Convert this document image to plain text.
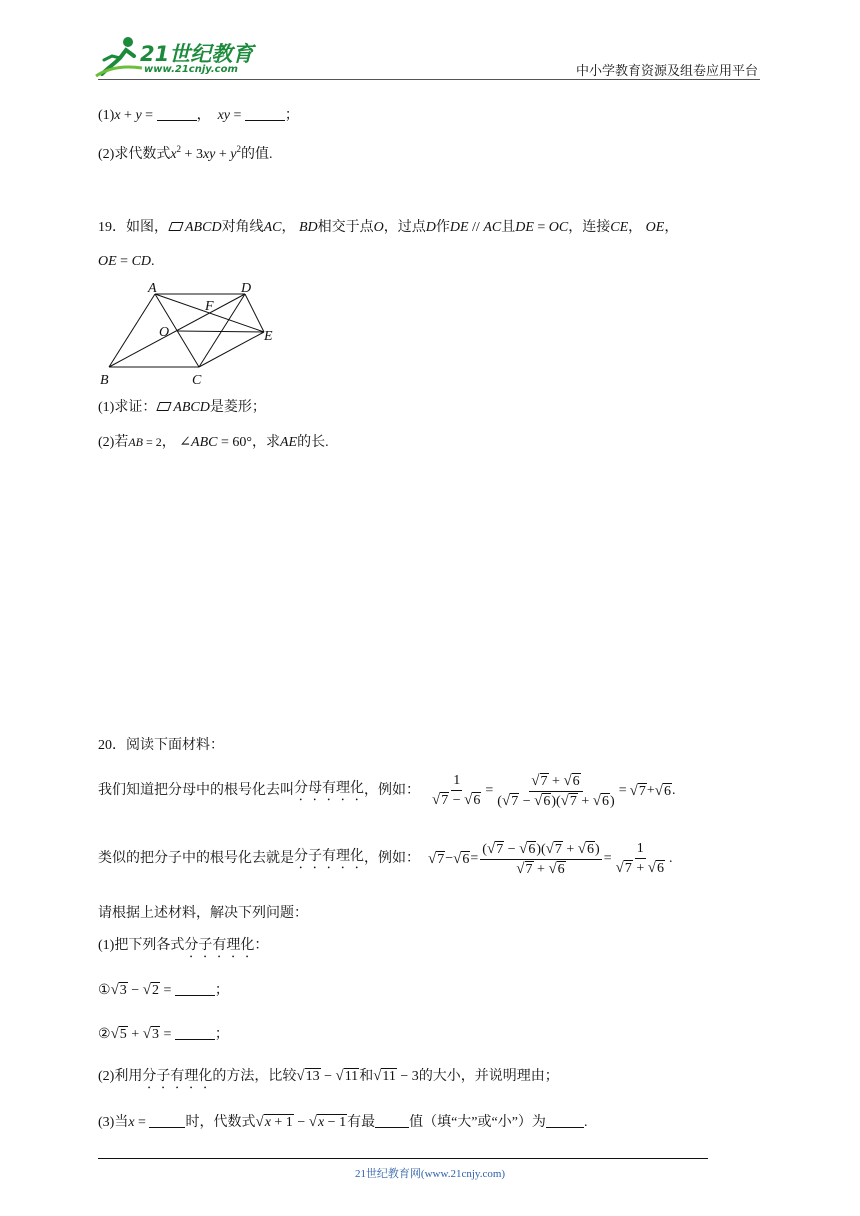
21世纪教育
www.21cnjy.com	中小学教育资源及组卷应用平台
(1)x + y =	， xy =	；
(2)求代数式$x^2 + 3xy + y^2$的值.
19．如图， ABCD对角线AC， BD相交于点O，过点D作DE // AC且DE = OC，连接CE， OE，
OE = CD.
A	D
F
O	E
B	C
(1)求证： ABCD是菱形；
(2)若AB = 2， ∠ABC = 60°，求AE的长.
20．阅读下面材料：
我们知道把分母中的根号化去叫 分母有理化 ，例如： $\frac{1}{√7 - √6} = \frac{√7 + √6}{(√7 - √6)(√7 + √6)} = √7 + √6$ .
类似的把分子中的根号化去就是 分子有理化 ，例如： $√7 - √6 = \frac{(√7 - √6)(√7 + √6)}{√7 + √6} = \frac{1}{√7 + √6}$ .
请根据上述材料，解决下列问题：
(1)把下列各式分子有理化：
①√3 − √2 =	；
②√5 + √3 =	；
(2)利用分子有理化的方法，比较√13 − √11和√11 − 3的大小，并说明理由；
(3)当x =	时，代数式√x + 1 − √x − 1有最 值（填“大”或“小”）为	.
21世纪教育网(www.21cnjy.com)
